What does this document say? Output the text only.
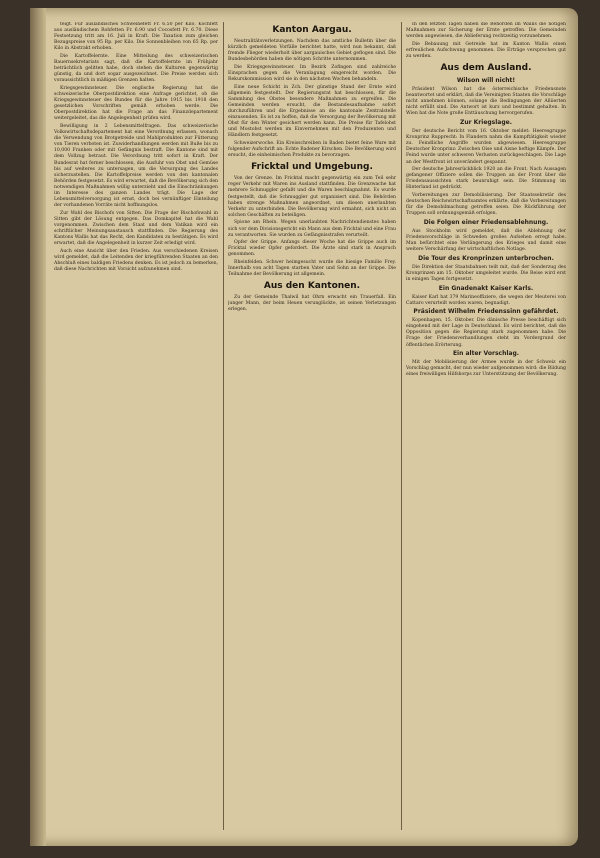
teigt. Für ausländisches Schweinefett Fr. 6.50 per Kilo, Kochfett aus ausländischem Rohfetten Fr. 6.90 und Cocosfett Fr. 6.70. Diese Festsetzung tritt am 16. Juli in Kraft. Die Taxation zum gleichen Bezugspreise von 95 Rp. per Kilo. Die Sonnenbleiben von 65 Rp. per Kilo in Abstrakt erhoben.

Die Kartoffelernte. Eine Mitteilung des schweizerischen Bauernsekretariats sagt, daß die Kartoffelernte im Frühjahr beträchtlich gelitten habe, doch stehen die Kulturen gegenwärtig günstig, da und dort sogar ausgezeichnet. Die Preise werden sich voraussichtlich in mäßigen Grenzen halten.

Kriegsgewinnsteuer. Die englische Regierung hat die schweizerische Oberpostdirektion eine Anfrage gerichtet, ob die Kriegsgewinnsteuer des Bundes für die Jahre 1915 bis 1918 den gesetzlichen Vorschriften gemäß erhoben werde. Die Oberpostdirektion hat die Frage an das Finanzdepartement weitergeleitet, das die Angelegenheit prüfen wird.

Bewilligung in 2 Lebensmittelfragen. Das schweizerische Volkswirtschaftsdepartement hat eine Verordnung erlassen, wonach die Verwendung von Brotgetreide und Mahlprodukten zur Fütterung von Tieren verboten ist. Zuwiderhandlungen werden mit Buße bis zu 10,000 Franken oder mit Gefängnis bestraft. Die Kantone sind mit dem Vollzug betraut. Die Verordnung tritt sofort in Kraft. Der Bundesrat hat ferner beschlossen, die Ausfuhr von Obst und Gemüse bis auf weiteres zu untersagen, um die Versorgung des Landes sicherzustellen. Die Kartoffelpreise werden von den kantonalen Behörden festgesetzt. Es wird erwartet, daß die Bevölkerung sich den notwendigen Maßnahmen willig unterzieht und die Einschränkungen im Interesse des ganzen Landes trägt. Die Lage der Lebensmittelversorgung ist ernst, doch bei vernünftiger Einteilung der vorhandenen Vorräte nicht hoffnungslos.

Zur Wahl des Bischofs von Sitten. Die Frage der Bischofswahl in Sitten gibt der Lösung entgegen. Das Domkapitel hat die Wahl vorgenommen. Zwischen dem Staat und dem Vatikan wird ein schriftlicher Meinungsaustausch stattfinden. Die Regierung des Kantons Wallis hat das Recht, den Kandidaten zu bestätigen. Es wird erwartet, daß die Angelegenheit in kurzer Zeit erledigt wird.

Auch eine Ansicht über den Frieden. Aus verschiedenen Kreisen wird gemeldet, daß die Leitenden der kriegführenden Staaten an den Abschluß eines baldigen Friedens denken. Es ist jedoch zu bemerken, daß diese Nachrichten mit Vorsicht aufzunehmen sind.

Kanton Aargau.

Neutralitätsverletzungen. Nachdem das amtliche Bulletin über die kürzlich gemeldeten Vorfälle berichtet hatte, wird nun bekannt, daß fremde Flieger wiederholt über aargauisches Gebiet geflogen sind. Die Bundesbehörden haben die nötigen Schritte unternommen.

Die Kriegsgewinnsteuer. Im Bezirk Zofingen sind zahlreiche Einsprachen gegen die Veranlagung eingereicht worden. Die Rekurskommission wird sie in den nächsten Wochen behandeln.

Eine neue Schicht in Zch. Der günstige Stand der Ernte wird allgemein festgestellt. Der Regierungsrat hat beschlossen, für die Sammlung des Obstes besondere Maßnahmen zu ergreifen. Die Gemeinden werden ersucht, die Bestandesaufnahme sofort durchzuführen und die Ergebnisse an die kantonale Zentralstelle einzusenden. Es ist zu hoffen, daß die Versorgung der Bevölkerung mit Obst für den Winter gesichert werden kann. Die Preise für Tafelobst und Mostobst werden im Einvernehmen mit den Produzenten und Händlern festgesetzt.

Schweizerwoche. Ein Kreisschreiben in Baden bietet feine Ware mit folgender Aufschrift an: Echte Badener Kirschen. Die Bevölkerung wird ersucht, die einheimischen Produkte zu bevorzugen.

Fricktal und Umgebung.

Von der Grenze. Im Fricktal macht gegenwärtig ein zum Teil sehr reger Verkehr mit Waren ins Ausland stattfinden. Die Grenzwache hat mehrere Schmuggler gefaßt und die Waren beschlagnahmt. Es wurde festgestellt, daß die Schmuggler gut organisiert sind. Die Behörden haben strenge Maßnahmen angeordnet, um diesen unerlaubten Verkehr zu unterbinden. Die Bevölkerung wird ermahnt, sich nicht an solchen Geschäften zu beteiligen.

Spione am Rhein. Wegen unerlaubten Nachrichtendienstes haben sich vor dem Divisionsgericht ein Mann aus dem Fricktal und eine Frau zu verantworten. Sie wurden zu Gefängnisstrafen verurteilt.

Opfer der Grippe. Anfangs dieser Woche hat die Grippe auch im Fricktal wieder Opfer gefordert. Die Ärzte sind stark in Anspruch genommen.

Rheinfelden. Schwer heimgesucht wurde die hiesige Familie Frey. Innerhalb von acht Tagen starben Vater und Sohn an der Grippe. Die Teilnahme der Bevölkerung ist allgemein.

Aus den Kantonen.

Zu der Gemeinde Thalwil hat Ohrn erwacht ein Trauerfall. Ein junger Mann, der beim Heuen verunglückte, ist seinen Verletzungen erlegen.

In den letzten Tagen haben die Behörden im Wallis die nötigen Maßnahmen zur Sicherung der Ernte getroffen. Die Gemeinden werden angewiesen, die Ablieferung rechtzeitig vorzunehmen.

Die Bebauung mit Getreide hat im Kanton Wallis einen erfreulichen Aufschwung genommen. Die Erträge versprechen gut zu werden.

Aus dem Ausland.
Wilson will nicht!

Präsident Wilson hat die österreichische Friedensnote beantwortet und erklärt, daß die Vereinigten Staaten die Vorschläge nicht annehmen können, solange die Bedingungen der Alliierten nicht erfüllt sind. Die Antwort ist kurz und bestimmt gehalten. In Wien hat die Note große Enttäuschung hervorgerufen.

Zur Kriegslage.

Der deutsche Bericht vom 16. Oktober meldet: Heeresgruppe Kronprinz Rupprecht: In Flandern nahm die Kampftätigkeit wieder zu. Feindliche Angriffe wurden abgewiesen. Heeresgruppe Deutscher Kronprinz: Zwischen Oise und Aisne heftige Kämpfe. Der Feind wurde unter schweren Verlusten zurückgeschlagen. Die Lage an der Westfront ist unverändert gespannt.

Der deutsche Jahresrückblick 1920 an die Front. Nach Aussagen gefangener Offiziere sollen die Truppen an der Front über die Friedensaussichten stark beunruhigt sein. Die Stimmung im Hinterland ist gedrückt.

Vorbereitungen zur Demobilisierung. Der Staatssekretär des deutschen Reichswirtschaftsamtes erklärte, daß die Vorbereitungen für die Demobilmachung getroffen seien. Die Rückführung der Truppen soll ordnungsgemäß erfolgen.

Die Folgen einer Friedensablehnung.

Aus Stockholm wird gemeldet, daß die Ablehnung der Friedensvorschläge in Schweden großes Aufsehen erregt habe. Man befürchtet eine Verlängerung des Krieges und damit eine weitere Verschärfung der wirtschaftlichen Notlage.

Die Tour des Kronprinzen unterbrochen.

Die Direktion der Staatsbahnen teilt mit, daß der Sonderzug des Kronprinzen am 15. Oktober umgeleitet wurde. Die Reise wird erst in einigen Tagen fortgesetzt.

Ein Gnadenakt Kaiser Karls.

Kaiser Karl hat 379 Marineoffiziere, die wegen der Meuterei von Cattaro verurteilt worden waren, begnadigt.

Präsident Wilhelm Friedenssinn gefährdet.

Kopenhagen, 15. Oktober. Die dänische Presse beschäftigt sich eingehend mit der Lage in Deutschland. Es wird berichtet, daß die Opposition gegen die Regierung stark zugenommen habe. Die Frage der Friedensverhandlungen steht im Vordergrund der öffentlichen Erörterung.

Ein alter Vorschlag.

Mit der Mobilisierung der Armee wurde in der Schweiz ein Vorschlag gemacht, der nun wieder aufgenommen wird: die Bildung eines freiwilligen Hilfskorps zur Unterstützung der Bevölkerung.
